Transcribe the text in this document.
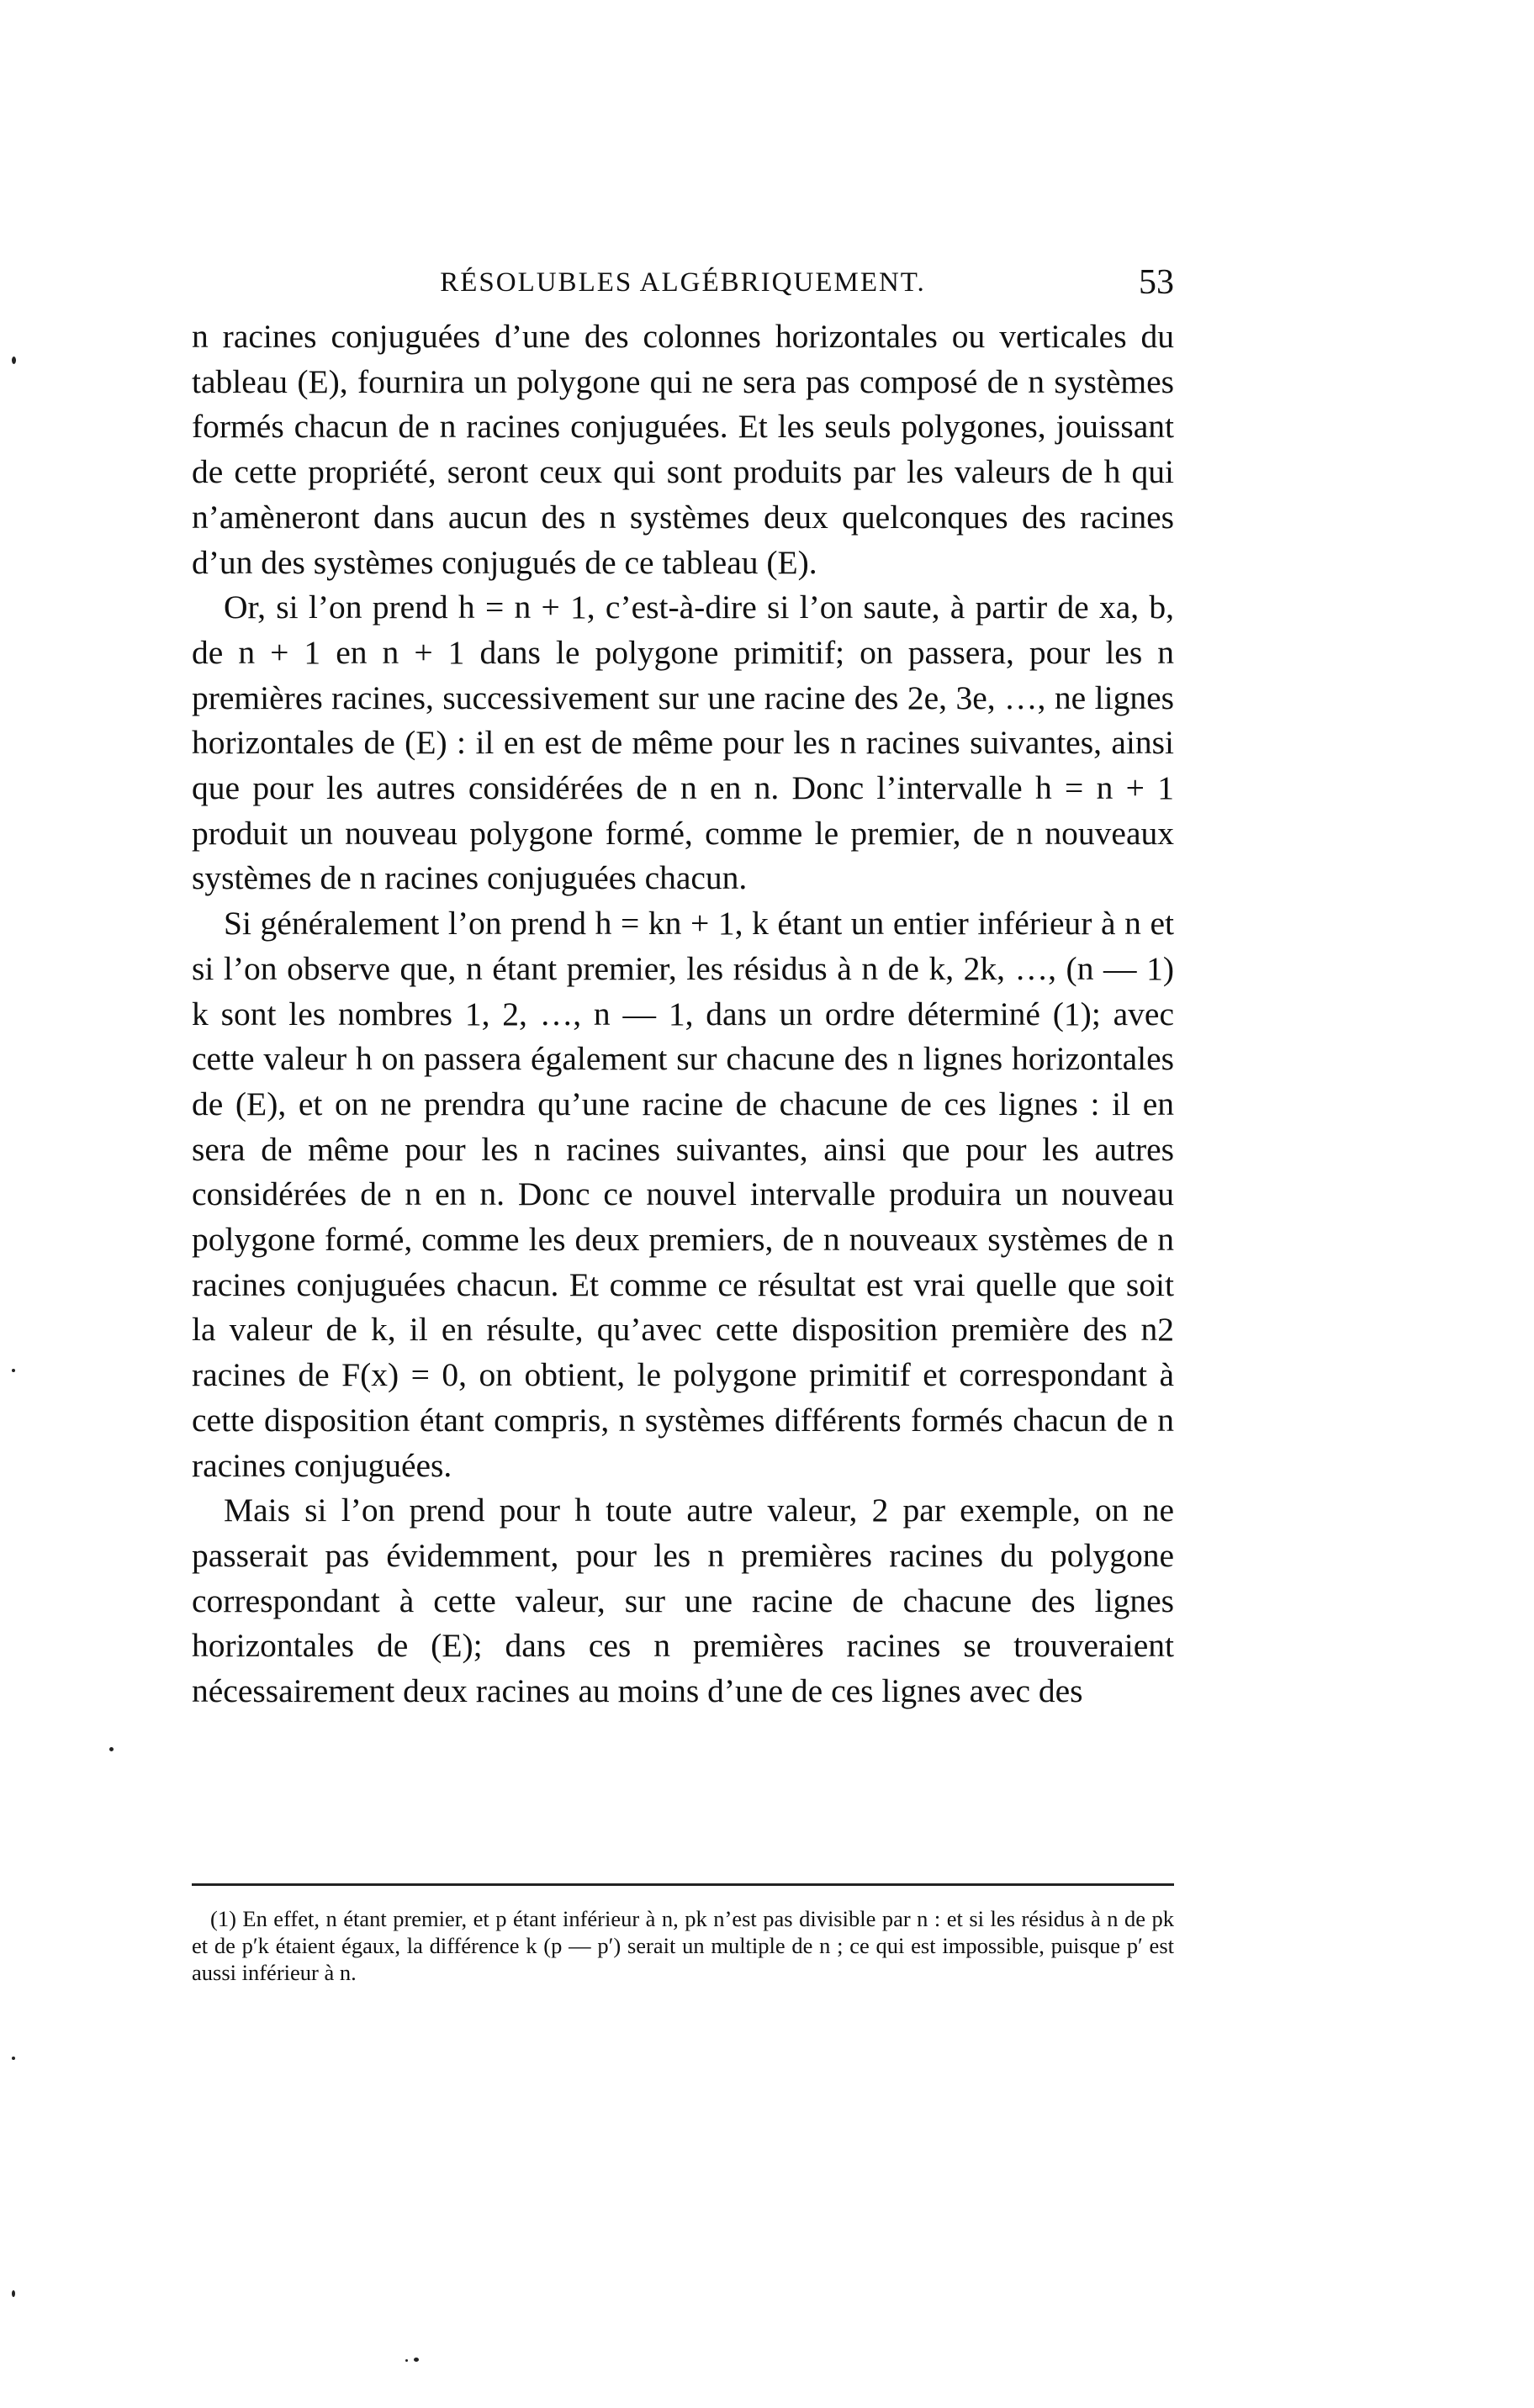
RÉSOLUBLES ALGÉBRIQUEMENT.	53

n racines conjuguées d’une des colonnes horizontales ou verticales du tableau (E), fournira un polygone qui ne sera pas composé de n systèmes formés chacun de n racines conjuguées. Et les seuls polygones, jouissant de cette propriété, seront ceux qui sont produits par les valeurs de h qui n’amèneront dans aucun des n systèmes deux quelconques des racines d’un des systèmes conjugués de ce tableau (E).

Or, si l’on prend h = n + 1, c’est-à-dire si l’on saute, à partir de xa, b, de n + 1 en n + 1 dans le polygone primitif; on passera, pour les n premières racines, successivement sur une racine des 2e, 3e, …, ne lignes horizontales de (E) : il en est de même pour les n racines suivantes, ainsi que pour les autres considérées de n en n. Donc l’intervalle h = n + 1 produit un nouveau polygone formé, comme le premier, de n nouveaux systèmes de n racines conjuguées chacun.

Si généralement l’on prend h = kn + 1, k étant un entier inférieur à n et si l’on observe que, n étant premier, les résidus à n de k, 2k, …, (n — 1) k sont les nombres 1, 2, …, n — 1, dans un ordre déterminé (1); avec cette valeur h on passera également sur chacune des n lignes horizontales de (E), et on ne prendra qu’une racine de chacune de ces lignes : il en sera de même pour les n racines suivantes, ainsi que pour les autres considérées de n en n. Donc ce nouvel intervalle produira un nouveau polygone formé, comme les deux premiers, de n nouveaux systèmes de n racines conjuguées chacun. Et comme ce résultat est vrai quelle que soit la valeur de k, il en résulte, qu’avec cette disposition première des n2 racines de F(x) = 0, on obtient, le polygone primitif et correspondant à cette disposition étant compris, n systèmes différents formés chacun de n racines conjuguées.

Mais si l’on prend pour h toute autre valeur, 2 par exemple, on ne passerait pas évidemment, pour les n premières racines du polygone correspondant à cette valeur, sur une racine de chacune des lignes horizontales de (E); dans ces n premières racines se trouveraient nécessairement deux racines au moins d’une de ces lignes avec des

(1) En effet, n étant premier, et p étant inférieur à n, pk n’est pas divisible par n : et si les résidus à n de pk et de p′k étaient égaux, la différence k (p — p′) serait un multiple de n ; ce qui est impossible, puisque p′ est aussi inférieur à n.
